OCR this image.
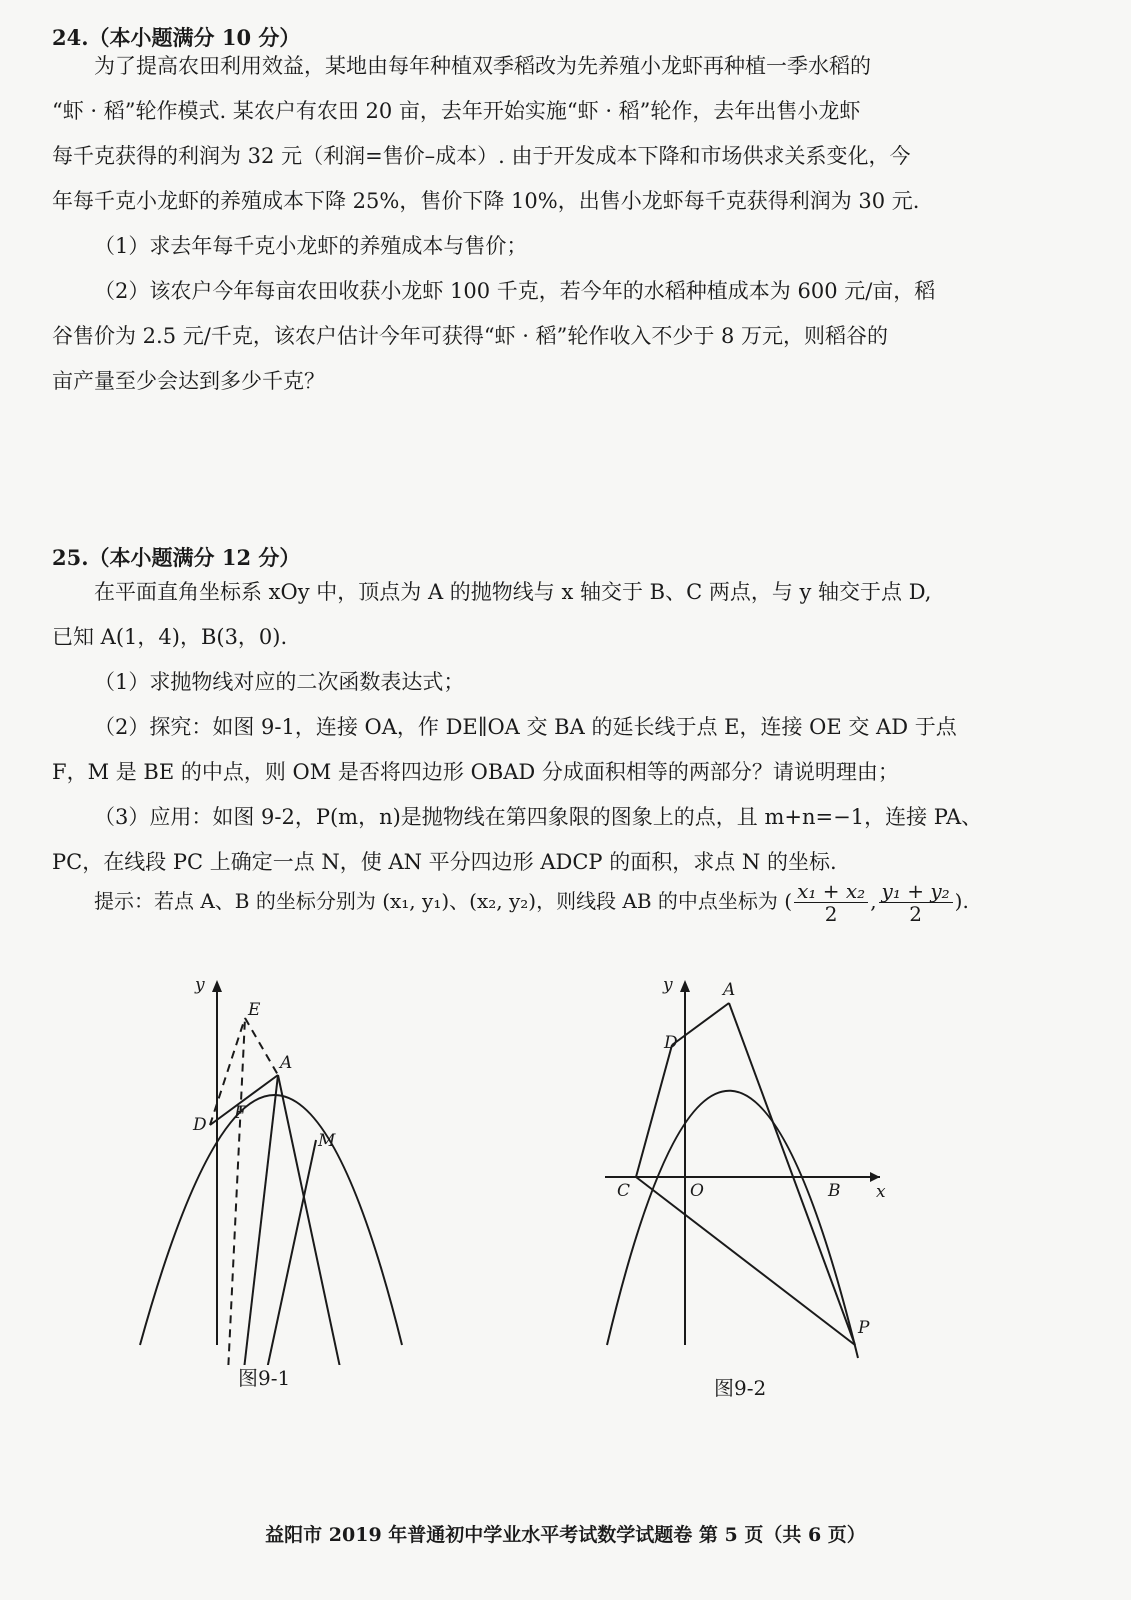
24.（本小题满分 10 分）
为了提高农田利用效益，某地由每年种植双季稻改为先养殖小龙虾再种植一季水稻的
“虾 · 稻”轮作模式. 某农户有农田 20 亩，去年开始实施“虾 · 稻”轮作，去年出售小龙虾
每千克获得的利润为 32 元（利润=售价–成本）. 由于开发成本下降和市场供求关系变化，今
年每千克小龙虾的养殖成本下降 25%，售价下降 10%，出售小龙虾每千克获得利润为 30 元.
（1）求去年每千克小龙虾的养殖成本与售价；
（2）该农户今年每亩农田收获小龙虾 100 千克，若今年的水稻种植成本为 600 元/亩，稻
谷售价为 2.5 元/千克，该农户估计今年可获得“虾 · 稻”轮作收入不少于 8 万元，则稻谷的
亩产量至少会达到多少千克？
25.（本小题满分 12 分）
在平面直角坐标系 xOy 中，顶点为 A 的抛物线与 x 轴交于 B、C 两点，与 y 轴交于点 D,
已知 A(1，4)，B(3，0).
（1）求抛物线对应的二次函数表达式；
（2）探究：如图 9-1，连接 OA，作 DE∥OA 交 BA 的延长线于点 E，连接 OE 交 AD 于点
F，M 是 BE 的中点，则 OM 是否将四边形 OBAD 分成面积相等的两部分？请说明理由；
（3）应用：如图 9-2，P(m，n)是抛物线在第四象限的图象上的点，且 m+n=−1，连接 PA、
PC，在线段 PC 上确定一点 N，使 AN 平分四边形 ADCP 的面积，求点 N 的坐标.
提示：若点 A、B 的坐标分别为 (x₁, y₁)、(x₂, y₂)，则线段 AB 的中点坐标为 ( $\frac{\text{x₁ + x₂}}{2}$ , $\frac{\text{y₁ + y₂}}{2}$ ).
y
E
A
D
F
M
图9-1
y
x
A
D
C	O	B
P
图9-2
益阳市 2019 年普通初中学业水平考试数学试题卷 第 5 页（共 6 页）
